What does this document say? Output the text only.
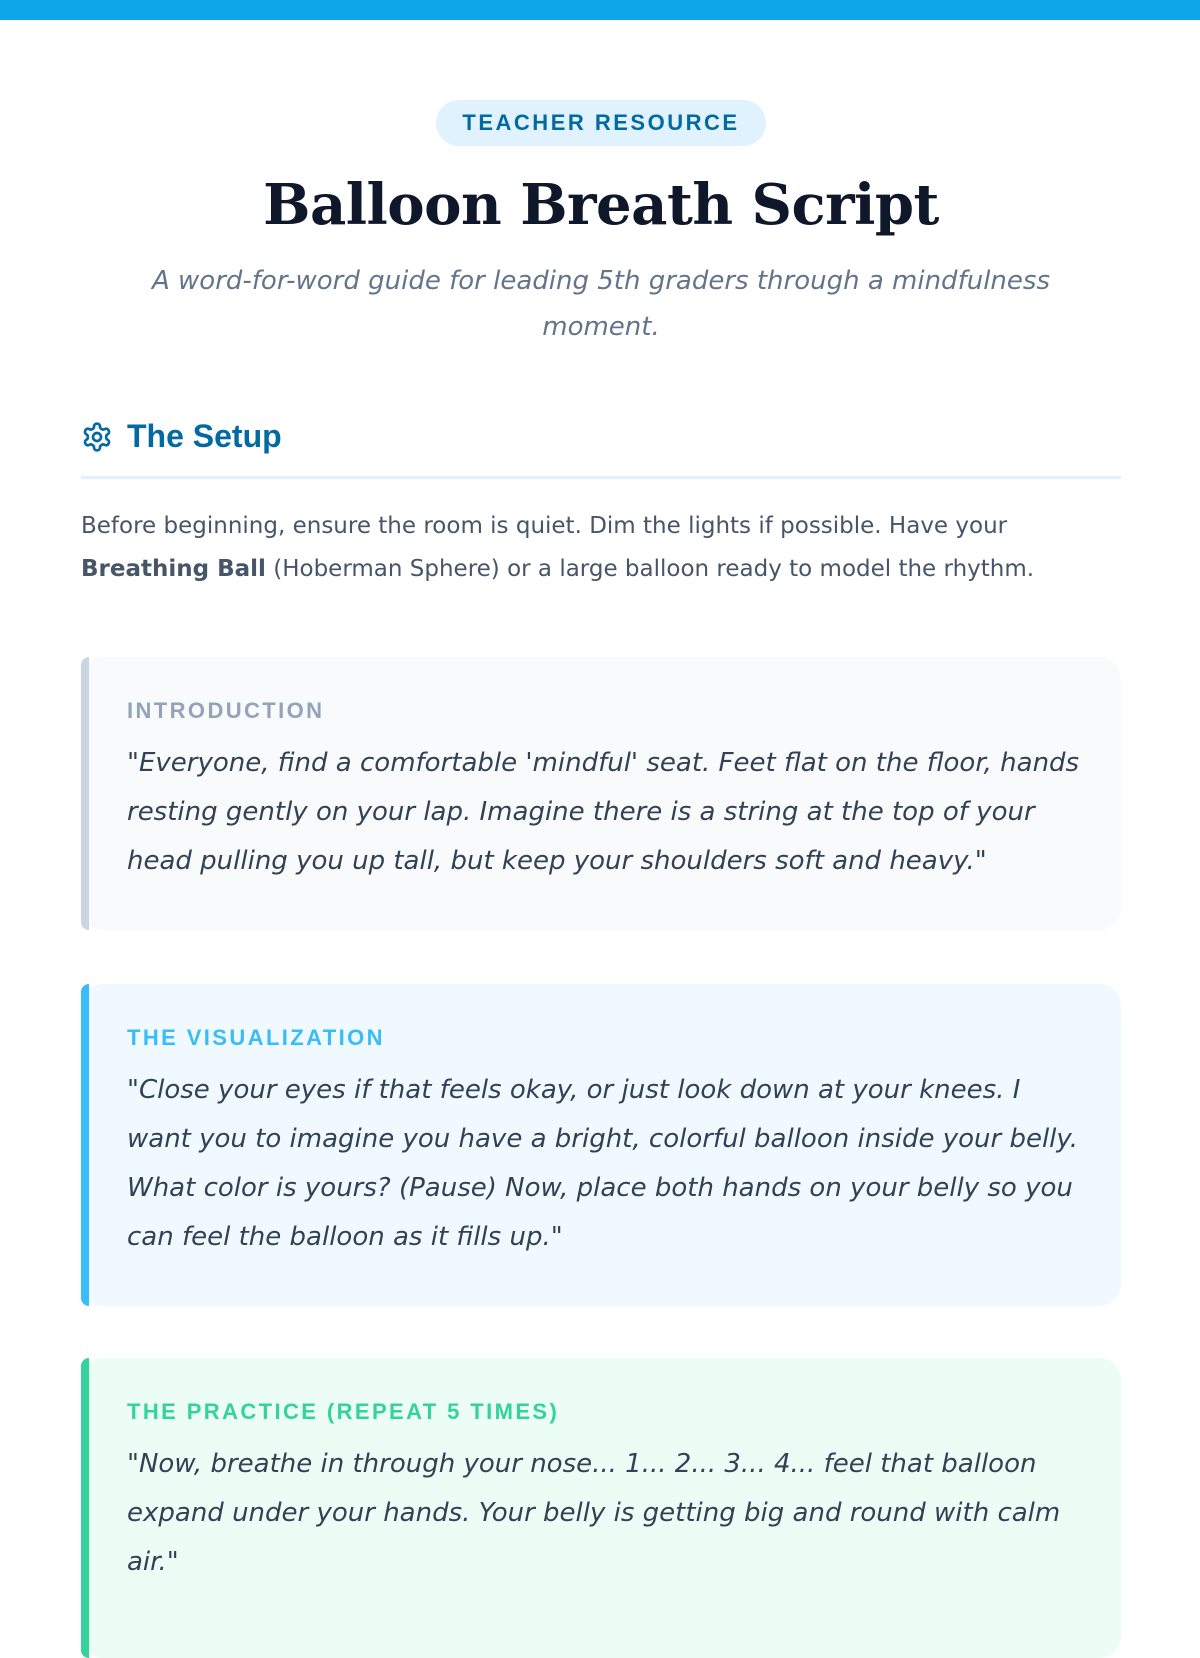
TEACHER RESOURCE
Balloon Breath Script

A word-for-word guide for leading 5th graders through a mindfulness moment.

The Setup

Before beginning, ensure the room is quiet. Dim the lights if possible. Have your Breathing Ball (Hoberman Sphere) or a large balloon ready to model the rhythm.

INTRODUCTION

"Everyone, find a comfortable 'mindful' seat. Feet flat on the floor, hands resting gently on your lap. Imagine there is a string at the top of your head pulling you up tall, but keep your shoulders soft and heavy."

THE VISUALIZATION

"Close your eyes if that feels okay, or just look down at your knees. I want you to imagine you have a bright, colorful balloon inside your belly. What color is yours? (Pause) Now, place both hands on your belly so you can feel the balloon as it fills up."

THE PRACTICE (REPEAT 5 TIMES)

"Now, breathe in through your nose... 1... 2... 3... 4... feel that balloon expand under your hands. Your belly is getting big and round with calm air."
